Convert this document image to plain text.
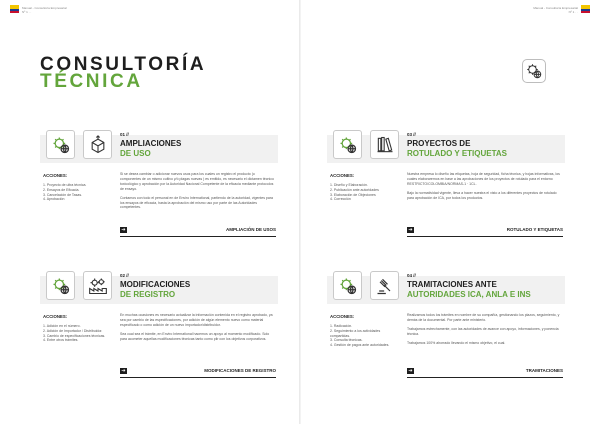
Manual - Consultoría Empresarial
Nº 1 · ·
Manual - Consultoría Empresarial
Nº 1 · ·
CONSULTORÍA
TÉCNICA
01 //
AMPLIACIONES
DE USO
ACCIONES:
1. Proyecto de ultra técnica.
2. Ensayos de Eficacia.
3. Cancelación de Tasas.
4. Aprobación

Si se desea cambiar o adicionar nuevos usos para los cuales un registro el producto (o componentes de un mismo cultivo y/ó plagas nuevas ) es emitido, es necesario el dictamen técnico toxicológico y aprobación por la Autoridad Nacional Competente de la eficacia mediante protocolos de ensayo.

Contamos con todo el personal en de Enviro International, partiendo de la autoridad, vigentes para los ensayos de eficacia, hasta la aprobación del mismo uso por parte de las Autoridades competentes.

➔	AMPLIACIÓN DE USOS
03 //
PROYECTOS DE
ROTULADO Y ETIQUETAS
ACCIONES:
1. Diseño y Elaboración.
2. Publicación ante autoridades
3. Elaboración de Objeciones
4. Corrección

Nuestra empresa lo diseño las etiquetas, hoja de seguridad, ficha técnica, y hojas informativas, los cuales elaboraremos en base a las aprobaciones de los proyectos de rotulado para el entorno RESTRICTO/COLOMBIA/NORMAS-1 · 1CL.

Bajo la normatividad vigente, lleva a hacer nuestra el visto a los diferentes proyectos de rotulado para aprobación de ICA, por todos los productos.

➔	ROTULADO Y ETIQUETAS
02 //
MODIFICACIONES
DE REGISTRO
ACCIONES:
1. Adición en el número.
2. Adición de Importador / Distribuidor.
3. Cambio de especificaciones técnicas.
4. Entre otros trámites.

En muchas ocasiones es necesario actualizar la información contenida en el registro aprobado, ya sea por cambio de las especificaciones, por adición de algún elemento nuevo como material especificado o como adición de un nuevo importador/distribuidor.

Sea cual sea el trámite, en Enviro International hacemos un apoyo al momento modificado. Solo para acometer aquellas modificaciones técnicas tanto como plir con los objetivos corporativos.

➔	MODIFICACIONES DE REGISTRO
04 //
TRAMITACIONES ANTE
AUTORIDADES ICA, ANLA E INS
ACCIONES:
1. Radicación.
2. Seguimiento a los actividades compartidas.
3. Consulta técnicas.
4. Gestión de pagos ante autoridades.

Realizamos todos los trámites en nombre de su compañía, gestionando los plazos, seguimiento, y demás de la documental. Por parte ante ministerio.

Trabajamos estrechamente, con las autoridades de avance con apoyo, informaciones, y ponencia técnica.

Trabajamos 100% ahorrado llevando el mismo objetivo, el cual.

➔	TRAMITACIONES
